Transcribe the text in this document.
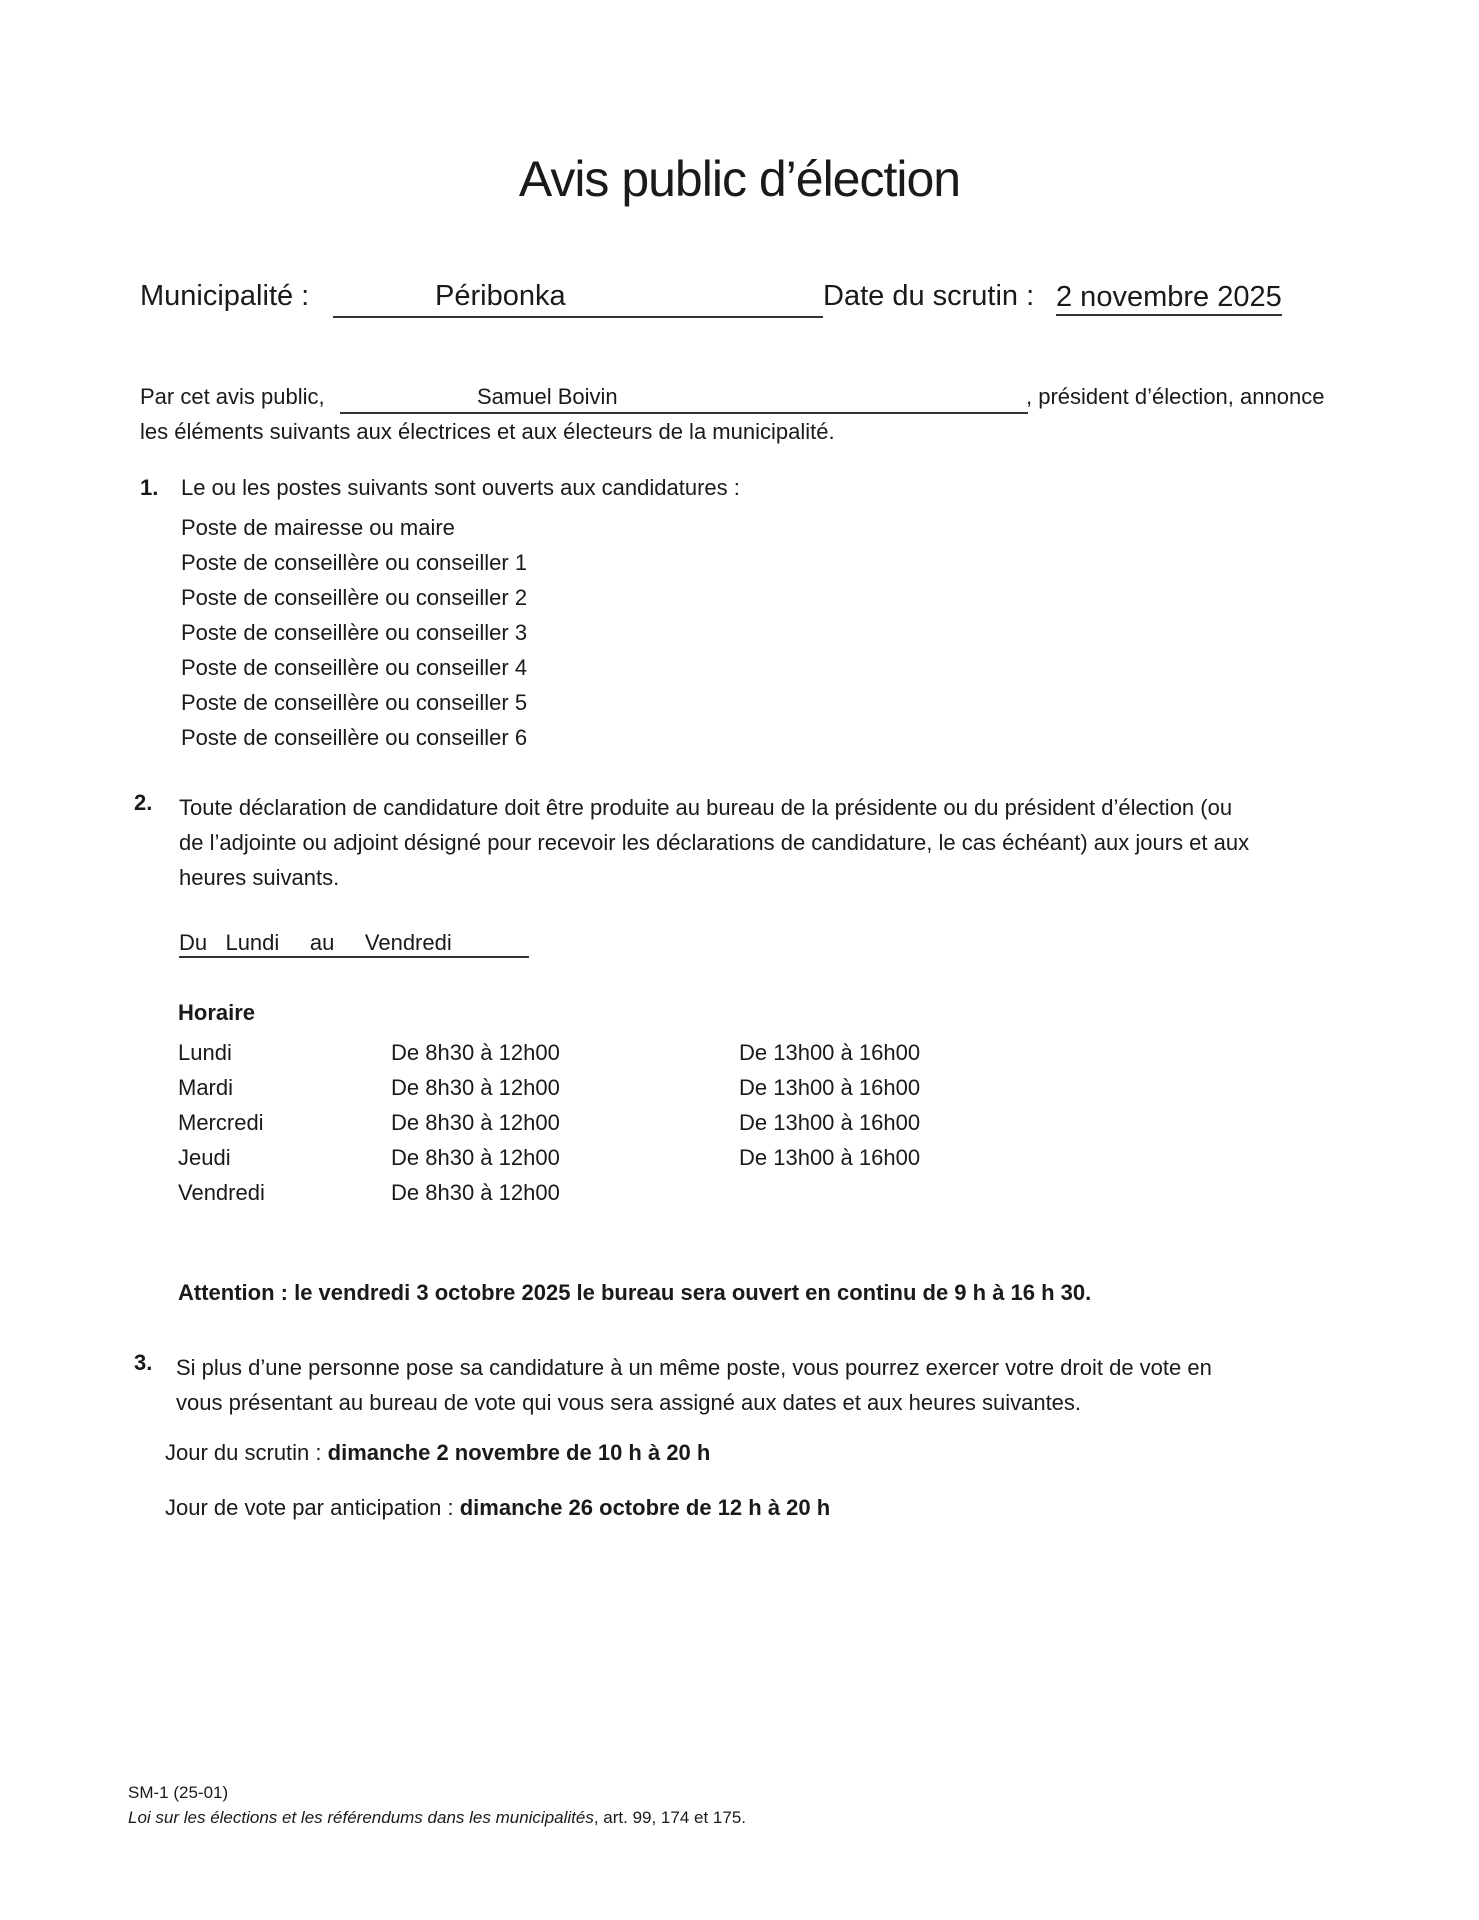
Avis public d’élection
Municipalité :	Péribonka	Date du scrutin : 2 novembre 2025
Par cet avis public,	Samuel Boivin	, président d’élection, annonce
les éléments suivants aux électrices et aux électeurs de la municipalité.
1. Le ou les postes suivants sont ouverts aux candidatures :
Poste de mairesse ou maire
Poste de conseillère ou conseiller 1
Poste de conseillère ou conseiller 2
Poste de conseillère ou conseiller 3
Poste de conseillère ou conseiller 4
Poste de conseillère ou conseiller 5
Poste de conseillère ou conseiller 6
2. Toute déclaration de candidature doit être produite au bureau de la présidente ou du président d’élection (ou
de l’adjointe ou adjoint désigné pour recevoir les déclarations de candidature, le cas échéant) aux jours et aux
heures suivants.
Du   Lundi     au     Vendredi
Horaire
Lundi	De 8h30 à 12h00	De 13h00 à 16h00
Mardi	De 8h30 à 12h00	De 13h00 à 16h00
Mercredi	De 8h30 à 12h00	De 13h00 à 16h00
Jeudi	De 8h30 à 12h00	De 13h00 à 16h00
Vendredi	De 8h30 à 12h00
Attention : le vendredi 3 octobre 2025 le bureau sera ouvert en continu de 9 h à 16 h 30.
3. Si plus d’une personne pose sa candidature à un même poste, vous pourrez exercer votre droit de vote en
vous présentant au bureau de vote qui vous sera assigné aux dates et aux heures suivantes.
Jour du scrutin : dimanche 2 novembre de 10 h à 20 h
Jour de vote par anticipation : dimanche 26 octobre de 12 h à 20 h
SM-1 (25-01)
Loi sur les élections et les référendums dans les municipalités, art. 99, 174 et 175.
